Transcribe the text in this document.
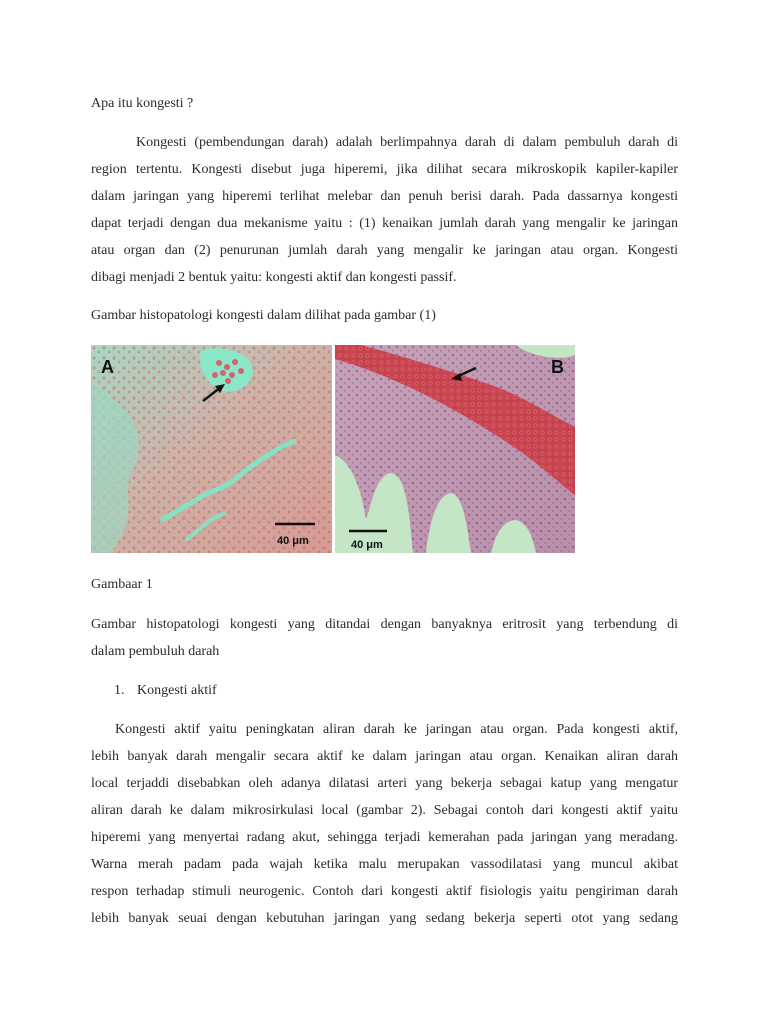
Apa itu kongesti ?
Kongesti (pembendungan darah) adalah berlimpahnya darah di dalam pembuluh darah di
region tertentu. Kongesti disebut juga hiperemi, jika dilihat secara mikroskopik kapiler-kapiler
dalam jaringan yang hiperemi terlihat melebar dan penuh berisi darah. Pada dassarnya kongesti
dapat terjadi dengan dua mekanisme yaitu : (1) kenaikan jumlah darah yang mengalir ke jaringan
atau organ dan (2) penurunan jumlah darah yang mengalir ke jaringan atau organ. Kongesti
dibagi menjadi 2 bentuk yaitu: kongesti aktif dan kongesti passif.
Gambar histopatologi kongesti dalam dilihat pada gambar (1)
A	B
40 μm	40 μm
Gambaar 1
Gambar histopatologi kongesti yang ditandai dengan banyaknya eritrosit yang terbendung di
dalam pembuluh darah
1. Kongesti aktif
Kongesti aktif yaitu peningkatan aliran darah ke jaringan atau organ. Pada kongesti aktif,
lebih banyak darah mengalir secara aktif ke dalam jaringan atau organ. Kenaikan aliran darah
local terjaddi disebabkan oleh adanya dilatasi arteri yang bekerja sebagai katup yang mengatur
aliran darah ke dalam mikrosirkulasi local (gambar 2). Sebagai contoh dari kongesti aktif yaitu
hiperemi yang menyertai radang akut, sehingga terjadi kemerahan pada jaringan yang meradang.
Warna merah padam pada wajah ketika malu merupakan vassodilatasi yang muncul akibat
respon terhadap stimuli neurogenic. Contoh dari kongesti aktif fisiologis yaitu pengiriman darah
lebih banyak seuai dengan kebutuhan jaringan yang sedang bekerja seperti otot yang sedang
